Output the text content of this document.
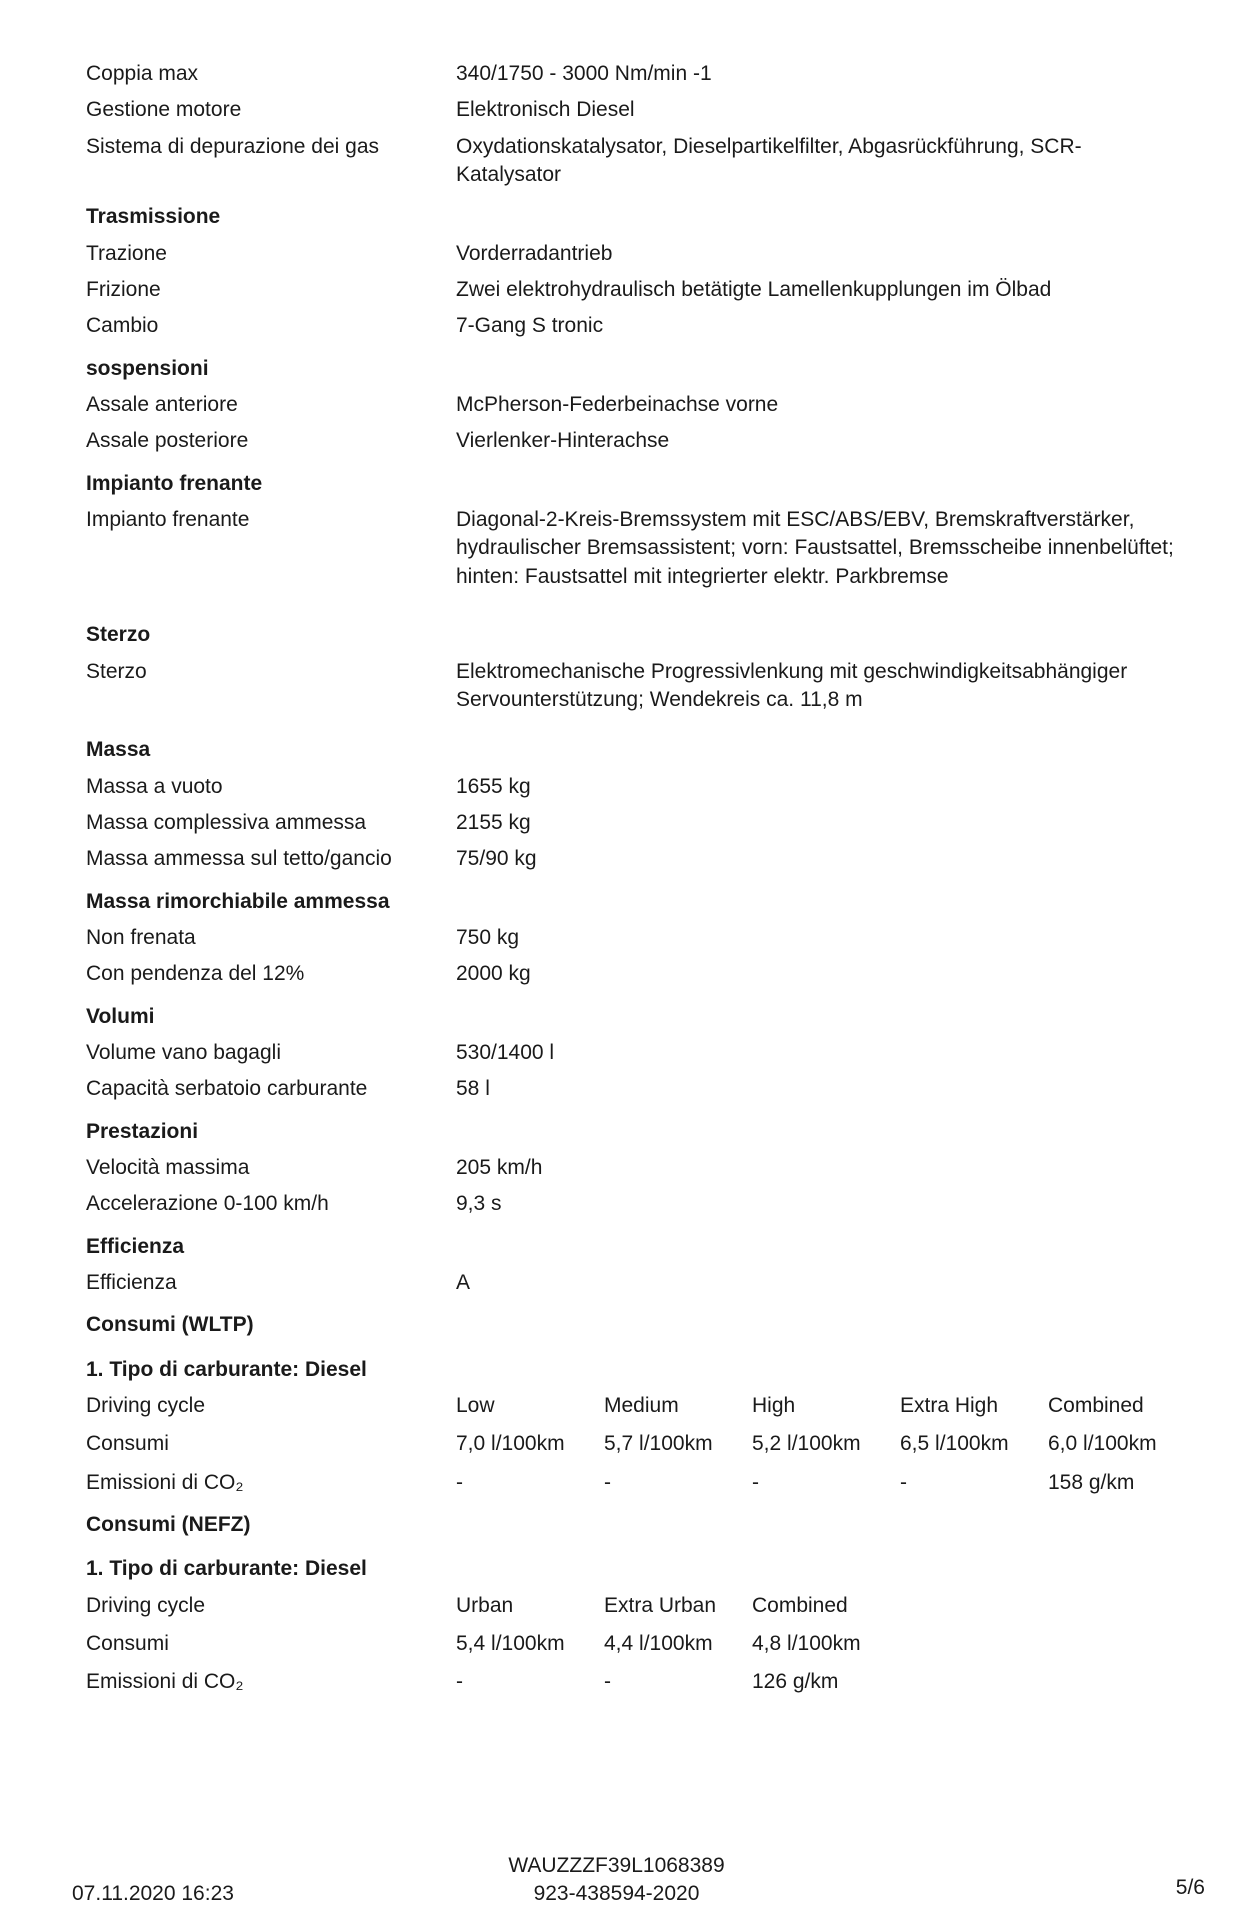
Coppia max	340/1750 - 3000 Nm/min -1
Gestione motore	Elektronisch Diesel
Sistema di depurazione dei gas	Oxydationskatalysator, Dieselpartikelfilter, Abgasrückführung, SCR-Katalysator
Trasmissione
Trazione	Vorderradantrieb
Frizione	Zwei elektrohydraulisch betätigte Lamellenkupplungen im Ölbad
Cambio	7-Gang S tronic
sospensioni
Assale anteriore	McPherson-Federbeinachse vorne
Assale posteriore	Vierlenker-Hinterachse
Impianto frenante
Impianto frenante	Diagonal-2-Kreis-Bremssystem mit ESC/ABS/EBV, Bremskraftverstärker, hydraulischer Bremsassistent; vorn: Faustsattel, Bremsscheibe innenbelüftet; hinten: Faustsattel mit integrierter elektr. Parkbremse
Sterzo
Sterzo	Elektromechanische Progressivlenkung mit geschwindigkeitsabhängiger Servounterstützung; Wendekreis ca. 11,8 m
Massa
Massa a vuoto	1655 kg
Massa complessiva ammessa	2155 kg
Massa ammessa sul tetto/gancio	75/90 kg
Massa rimorchiabile ammessa
Non frenata	750 kg
Con pendenza del 12%	2000 kg
Volumi
Volume vano bagagli	530/1400 l
Capacità serbatoio carburante	58 l
Prestazioni
Velocità massima	205 km/h
Accelerazione 0-100 km/h	9,3 s
Efficienza
Efficienza	A
Consumi (WLTP)
1. Tipo di carburante: Diesel
Driving cycle	Low	Medium	High	Extra High	Combined
Consumi	7,0 l/100km	5,7 l/100km	5,2 l/100km	6,5 l/100km	6,0 l/100km
Emissioni di CO₂	-	-	-	-	158 g/km
Consumi (NEFZ)
1. Tipo di carburante: Diesel
Driving cycle	Urban	Extra Urban	Combined
Consumi	5,4 l/100km	4,4 l/100km	4,8 l/100km
Emissioni di CO₂	-	-	126 g/km
07.11.2020 16:23
WAUZZZF39L1068389
923-438594-2020	5/6
